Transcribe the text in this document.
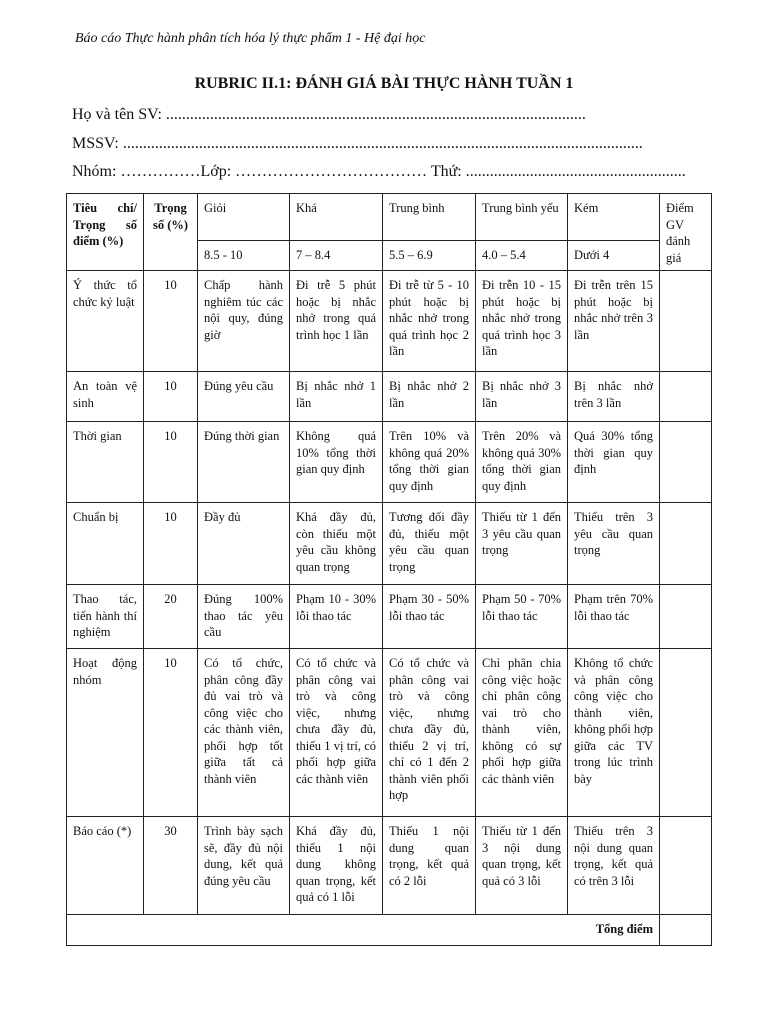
Báo cáo Thực hành phân tích hóa lý thực phẩm 1 - Hệ đại học
RUBRIC II.1: ĐÁNH GIÁ BÀI THỰC HÀNH TUẦN 1
Họ và tên SV: .........................................................................................................
MSSV: ..................................................................................................................................
Nhóm: ……………Lớp: ……………………………… Thứ: .......................................................
Tiêu chí/ Trọng số điểm (%)	Trọng số (%)	Giỏi	Khá	Trung bình	Trung bình yếu	Kém	Điểm GV đánh giá
		8.5 - 10	7 – 8.4	5.5 – 6.9	4.0 – 5.4	Dưới 4	
Ý thức tổ chức kỷ luật	10	Chấp hành nghiêm túc các nội quy, đúng giờ	Đi trễ 5 phút hoặc bị nhắc nhở trong quá trình học 1 lần	Đi trễ từ 5 - 10 phút hoặc bị nhắc nhở trong quá trình học 2 lần	Đi trễn 10 - 15 phút hoặc bị nhắc nhở trong quá trình học 3 lần	Đi trễn trên 15 phút hoặc bị nhắc nhở trên 3 lần	
An toàn vệ sinh	10	Đúng yêu cầu	Bị nhắc nhở 1 lần	Bị nhắc nhở 2 lần	Bị nhắc nhở 3 lần	Bị nhắc nhở trên 3 lần	
Thời gian	10	Đúng thời gian	Không quá 10% tổng thời gian quy định	Trên 10% và không quá 20% tổng thời gian quy định	Trên 20% và không quá 30% tổng thời gian quy định	Quá 30% tổng thời gian quy định	
Chuẩn bị	10	Đầy đủ	Khá đầy đủ, còn thiếu một yêu cầu không quan trọng	Tương đối đầy đủ, thiếu một yêu cầu quan trọng	Thiếu từ 1 đến 3 yêu cầu quan trọng	Thiếu trên 3 yêu cầu quan trọng	
Thao tác, tiến hành thí nghiệm	20	Đúng 100% thao tác yêu cầu	Phạm 10 - 30% lỗi thao tác	Phạm 30 - 50% lỗi thao tác	Phạm 50 - 70% lỗi thao tác	Phạm trên 70% lỗi thao tác	
Hoạt động nhóm	10	Có tổ chức, phân công đầy đủ vai trò và công việc cho các thành viên, phối hợp tốt giữa tất cả thành viên	Có tổ chức và phân công vai trò và công việc, nhưng chưa đầy đủ, thiếu 1 vị trí, có phối hợp giữa các thành viên	Có tổ chức và phân công vai trò và công việc, nhưng chưa đầy đủ, thiếu 2 vị trí, chỉ có 1 đến 2 thành viên phối hợp	Chỉ phân chia công việc hoặc chỉ phân công vai trò cho thành viên, không có sự phối hợp giữa các thành viên	Không tổ chức và phân công công việc cho thành viên, không phối hợp giữa các TV trong lúc trình bày	
Báo cáo (*)	30	Trình bày sạch sẽ, đầy đủ nội dung, kết quả đúng yêu cầu	Khá đầy đủ, thiếu 1 nội dung không quan trọng, kết quả có 1 lỗi	Thiếu 1 nội dung quan trọng, kết quả có 2 lỗi	Thiếu từ 1 đến 3 nội dung quan trọng, kết quả có 3 lỗi	Thiếu trên 3 nội dung quan trọng, kết quả có trên 3 lỗi	
Tổng điểm							
